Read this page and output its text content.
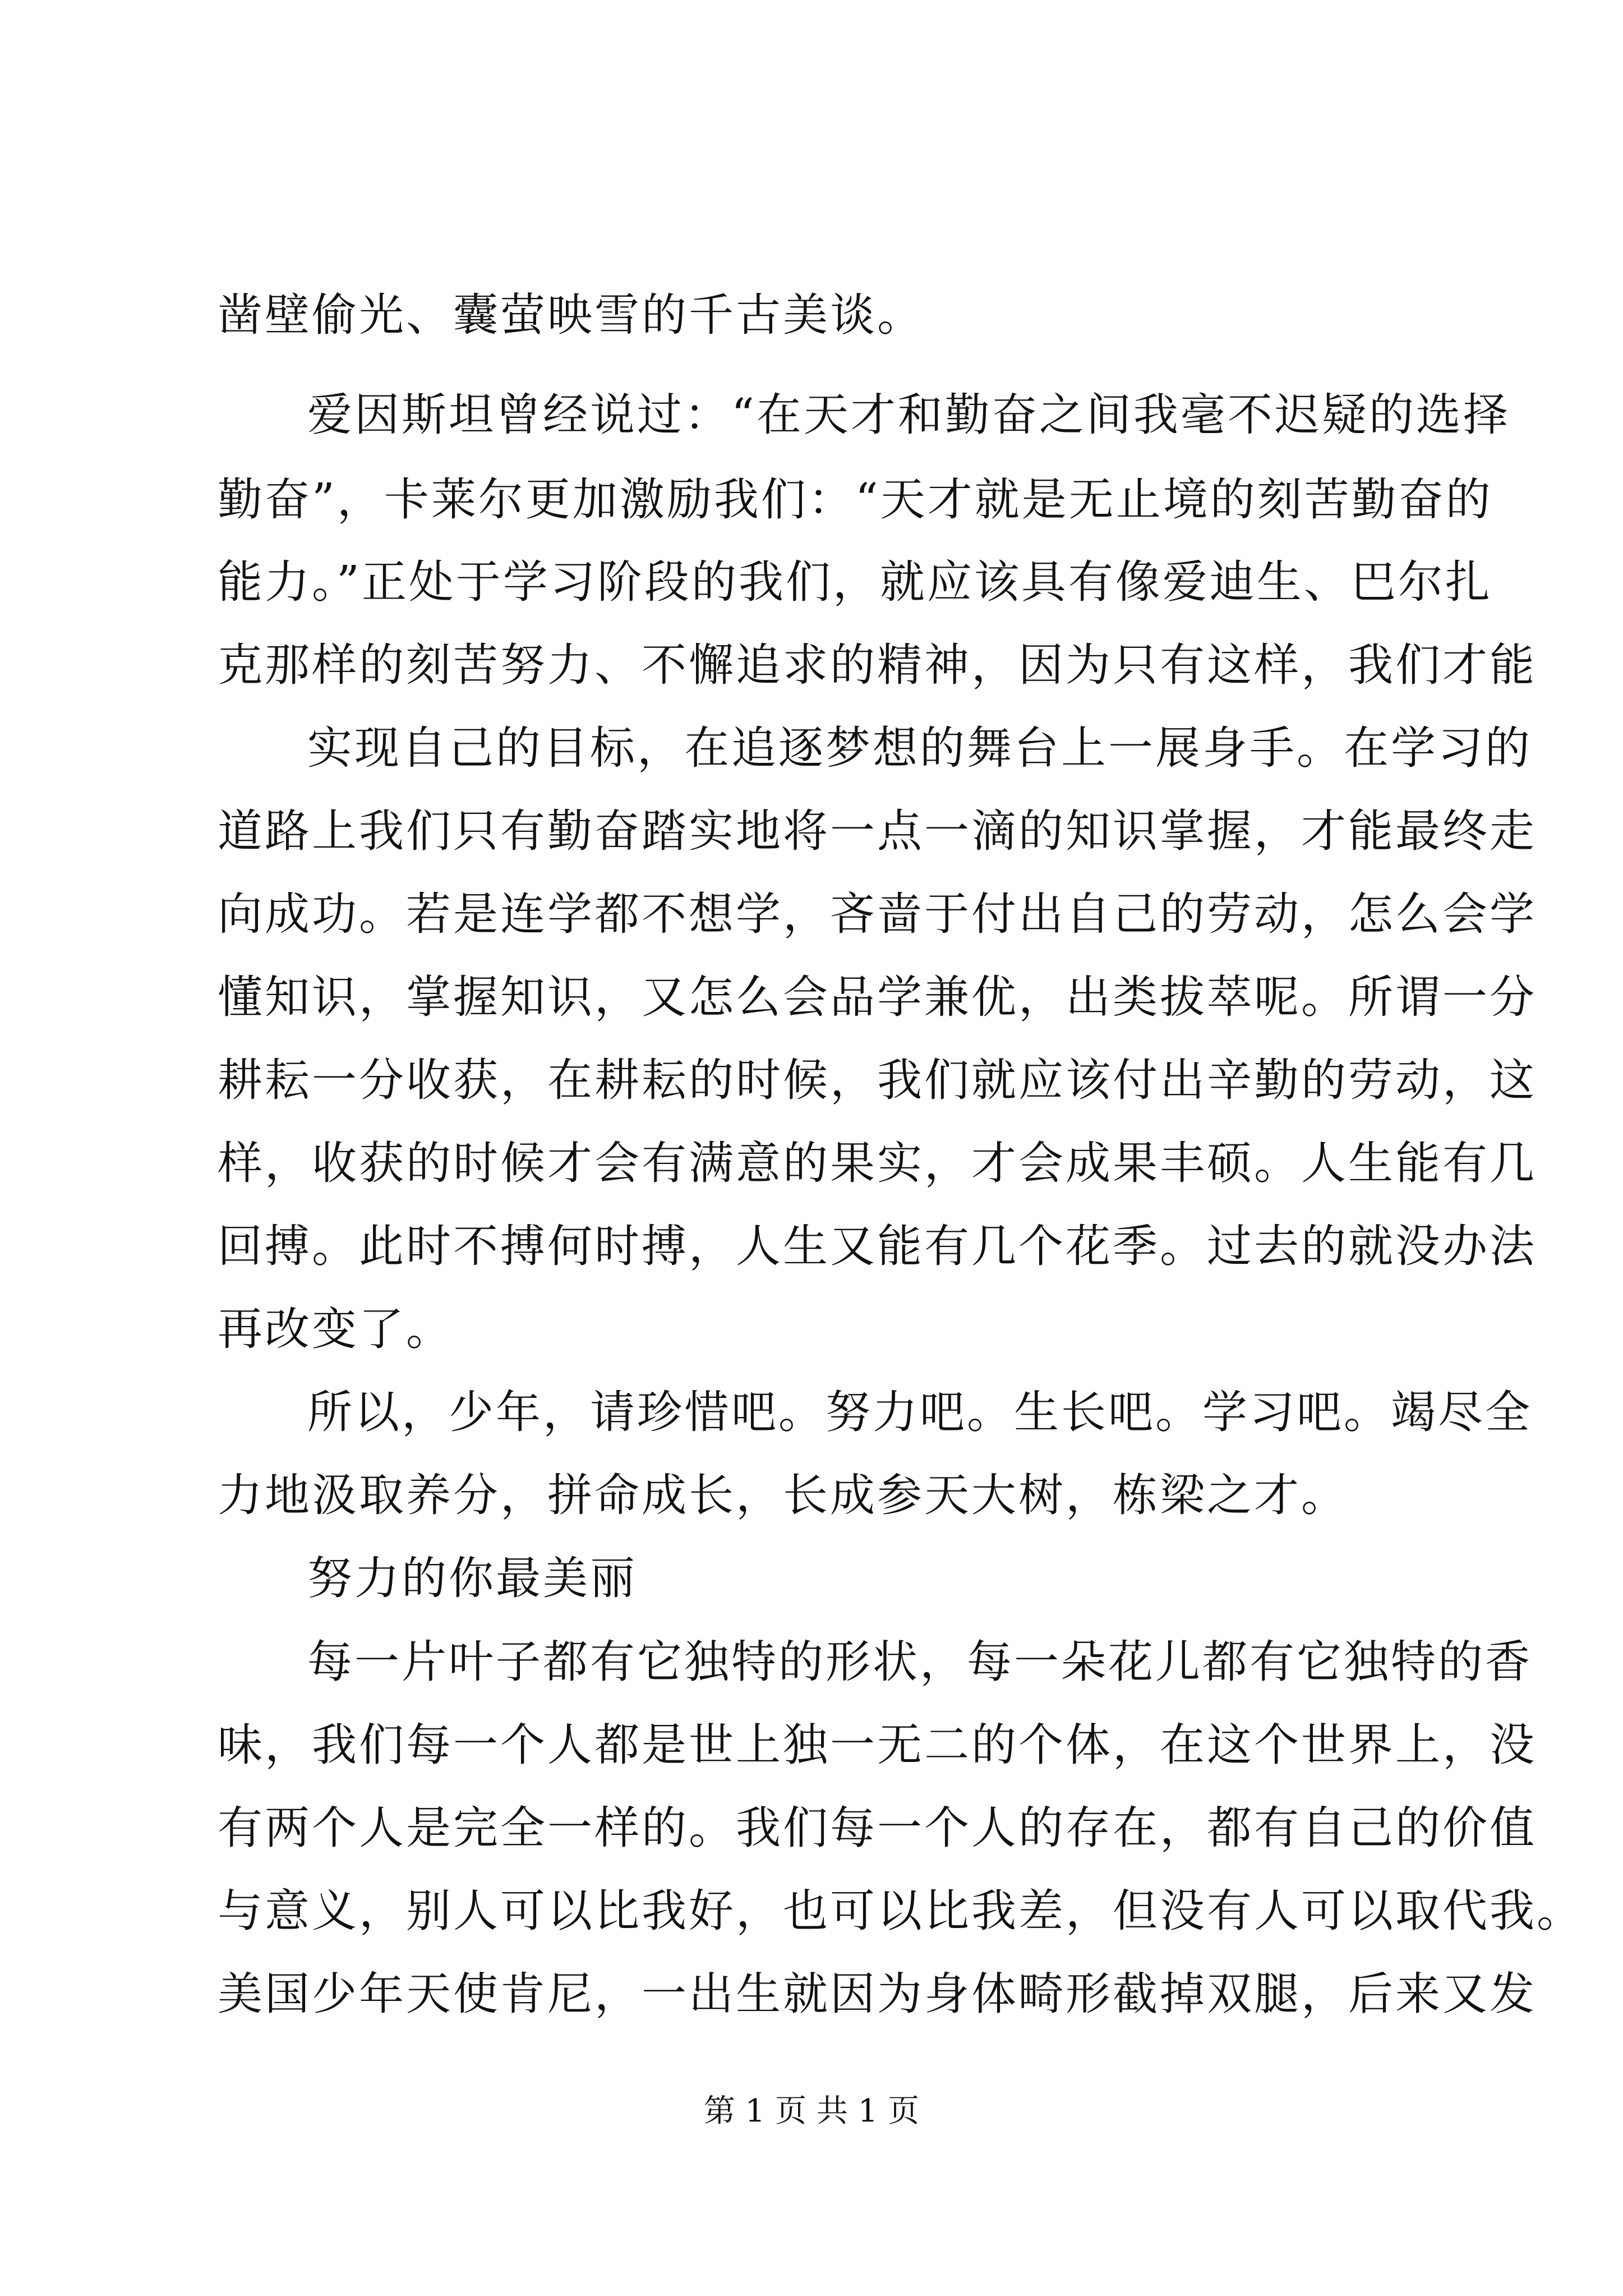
凿壁偷光、囊萤映雪的千古美谈。
爱因斯坦曾经说过：“在天才和勤奋之间我毫不迟疑的选择
勤奋”，卡莱尔更加激励我们：“天才就是无止境的刻苦勤奋的
能力。”正处于学习阶段的我们，就应该具有像爱迪生、巴尔扎
克那样的刻苦努力、不懈追求的精神，因为只有这样，我们才能
实现自己的目标，在追逐梦想的舞台上一展身手。在学习的
道路上我们只有勤奋踏实地将一点一滴的知识掌握，才能最终走
向成功。若是连学都不想学，吝啬于付出自己的劳动，怎么会学
懂知识，掌握知识，又怎么会品学兼优，出类拔萃呢。所谓一分
耕耘一分收获，在耕耘的时候，我们就应该付出辛勤的劳动，这
样，收获的时候才会有满意的果实，才会成果丰硕。人生能有几
回搏。此时不搏何时搏，人生又能有几个花季。过去的就没办法
再改变了。
所以，少年，请珍惜吧。努力吧。生长吧。学习吧。竭尽全
力地汲取养分，拼命成长，长成参天大树，栋梁之才。
努力的你最美丽
每一片叶子都有它独特的形状，每一朵花儿都有它独特的香
味，我们每一个人都是世上独一无二的个体，在这个世界上，没
有两个人是完全一样的。我们每一个人的存在，都有自己的价值
与意义，别人可以比我好，也可以比我差，但没有人可以取代我。
美国少年天使肯尼，一出生就因为身体畸形截掉双腿，后来又发
第 1 页 共 1 页
